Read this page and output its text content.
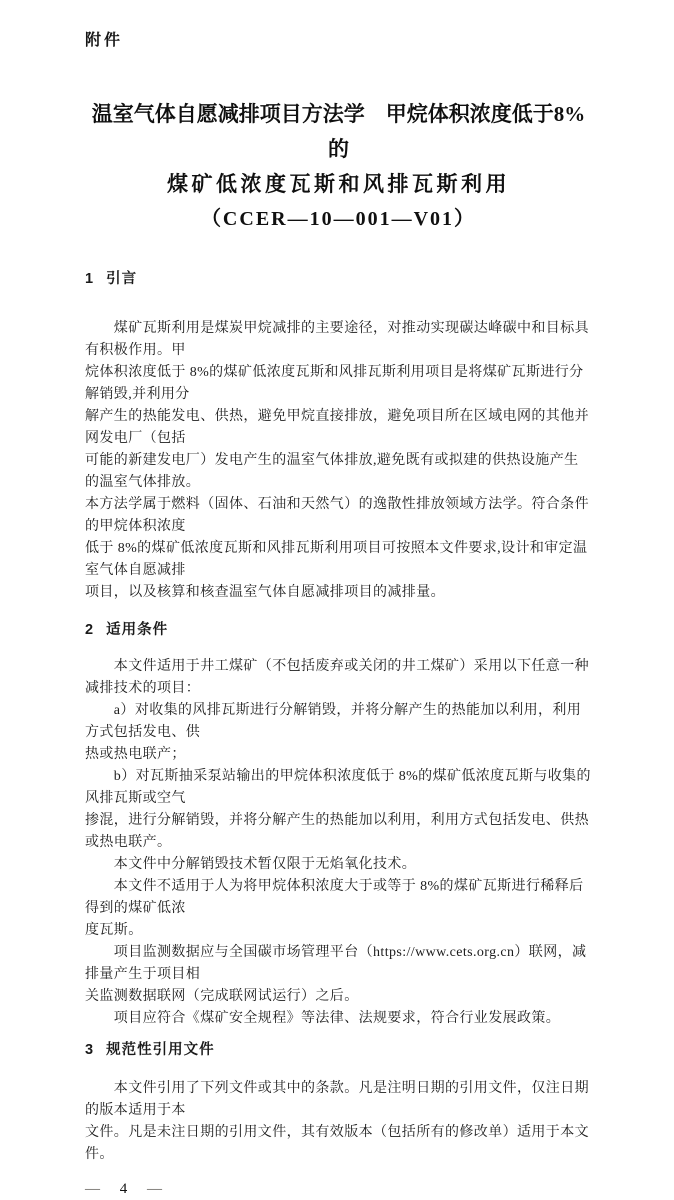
附件
温室气体自愿减排项目方法学　甲烷体积浓度低于8%的
煤矿低浓度瓦斯和风排瓦斯利用
（CCER—10—001—V01）
1 引言
　　煤矿瓦斯利用是煤炭甲烷减排的主要途径，对推动实现碳达峰碳中和目标具有积极作用。甲
烷体积浓度低于 8%的煤矿低浓度瓦斯和风排瓦斯利用项目是将煤矿瓦斯进行分解销毁,并利用分
解产生的热能发电、供热，避免甲烷直接排放，避免项目所在区域电网的其他并网发电厂（包括
可能的新建发电厂）发电产生的温室气体排放,避免既有或拟建的供热设施产生的温室气体排放。
本方法学属于燃料（固体、石油和天然气）的逸散性排放领域方法学。符合条件的甲烷体积浓度
低于 8%的煤矿低浓度瓦斯和风排瓦斯利用项目可按照本文件要求,设计和审定温室气体自愿减排
项目，以及核算和核查温室气体自愿减排项目的减排量。
2 适用条件
　　本文件适用于井工煤矿（不包括废弃或关闭的井工煤矿）采用以下任意一种减排技术的项目：
　　a）对收集的风排瓦斯进行分解销毁，并将分解产生的热能加以利用，利用方式包括发电、供
热或热电联产；
　　b）对瓦斯抽采泵站输出的甲烷体积浓度低于 8%的煤矿低浓度瓦斯与收集的风排瓦斯或空气
掺混，进行分解销毁，并将分解产生的热能加以利用，利用方式包括发电、供热或热电联产。
　　本文件中分解销毁技术暂仅限于无焰氧化技术。
　　本文件不适用于人为将甲烷体积浓度大于或等于 8%的煤矿瓦斯进行稀释后得到的煤矿低浓
度瓦斯。
　　项目监测数据应与全国碳市场管理平台（https://www.cets.org.cn）联网，减排量产生于项目相
关监测数据联网（完成联网试运行）之后。
　　项目应符合《煤矿安全规程》等法律、法规要求，符合行业发展政策。
3 规范性引用文件
　　本文件引用了下列文件或其中的条款。凡是注明日期的引用文件，仅注日期的版本适用于本
文件。凡是未注日期的引用文件，其有效版本（包括所有的修改单）适用于本文件。
— 4 —
